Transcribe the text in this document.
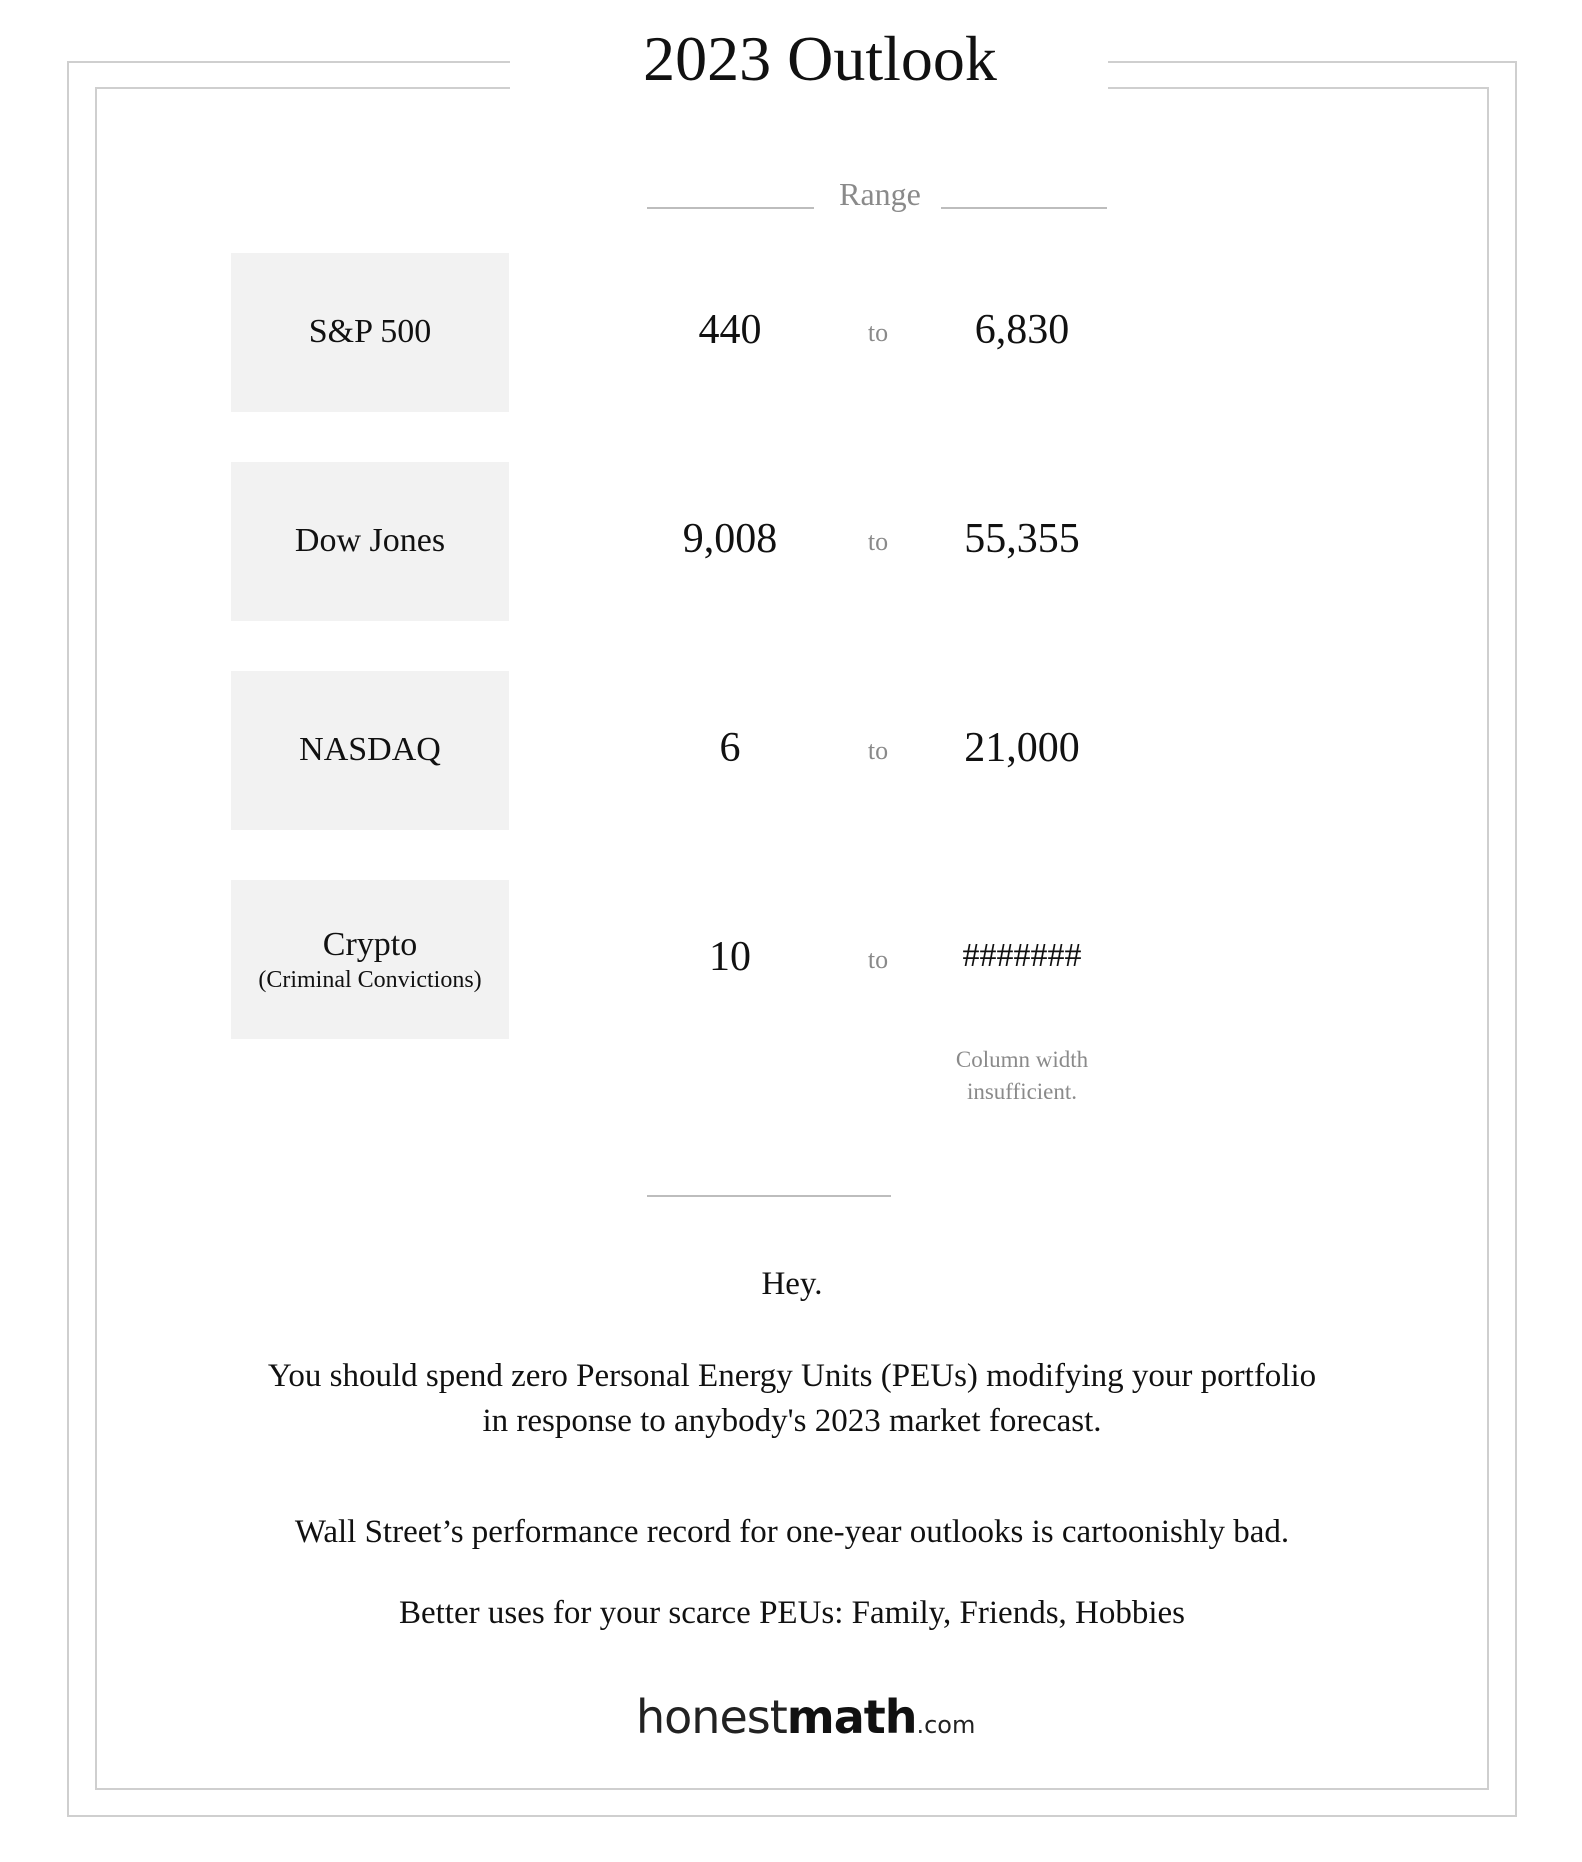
2023 Outlook
Range
S&P 500	440	to	6,830
Dow Jones	9,008	to	55,355
NASDAQ	6	to	21,000
Crypto
(Criminal Convictions)	10	to	#######
Column width
insufficient.
Hey.
You should spend zero Personal Energy Units (PEUs) modifying your portfolio
in response to anybody's 2023 market forecast.
Wall Street’s performance record for one-year outlooks is cartoonishly bad.
Better uses for your scarce PEUs: Family, Friends, Hobbies
honestmath.com
